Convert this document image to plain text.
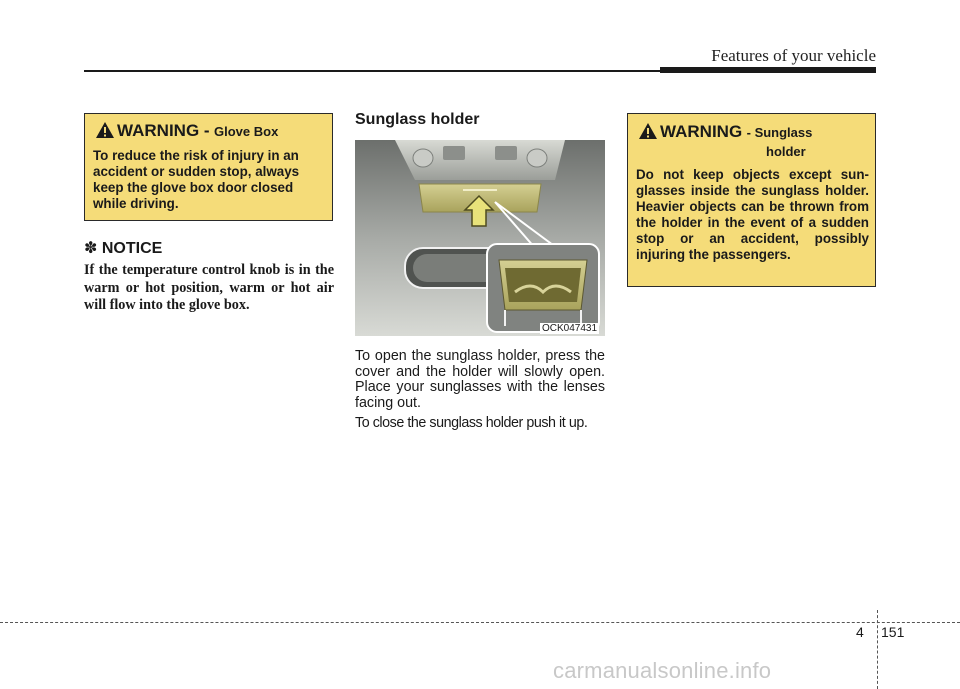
Features of your vehicle
WARNING - Glove Box
To reduce the risk of injury in an accident or sudden stop, always keep the glove box door closed while driving.
✽ NOTICE
If the temperature control knob is in the warm or hot position, warm or hot air will flow into the glove box.
Sunglass holder
OCK047431
To open the sunglass holder, press the cover and the holder will slowly open. Place your sunglasses with the lenses facing out.
To close the sunglass holder push it up.
WARNING - Sunglass
holder
Do not keep objects except sun-glasses inside the sunglass holder. Heavier objects can be thrown from the holder in the event of a sudden stop or an accident, possibly injuring the passengers.
4 151
carmanualsonline.info
